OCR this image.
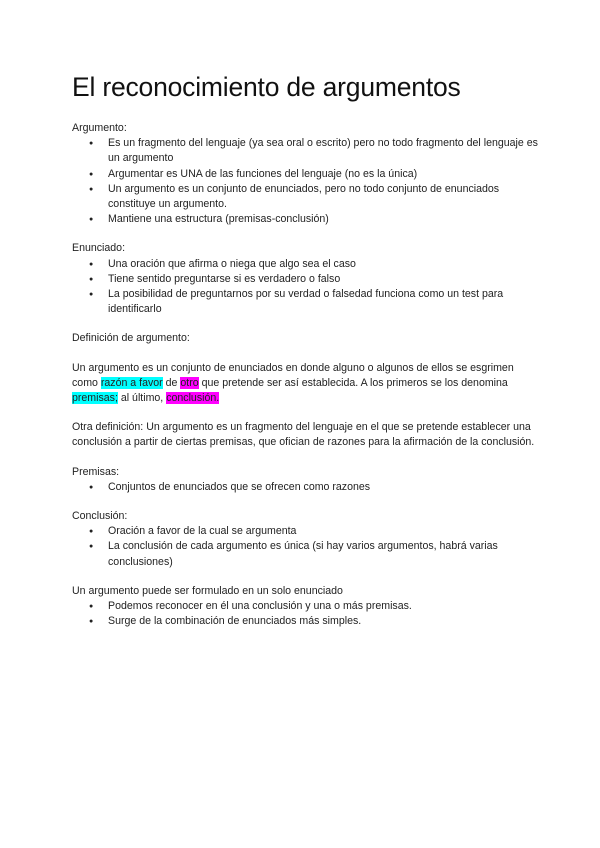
El reconocimiento de argumentos

Argumento:

● Es un fragmento del lenguaje (ya sea oral o escrito) pero no todo fragmento del lenguaje es un argumento
● Argumentar es UNA de las funciones del lenguaje (no es la única)
● Un argumento es un conjunto de enunciados, pero no todo conjunto de enunciados constituye un argumento.
● Mantiene una estructura (premisas-conclusión)

Enunciado:

● Una oración que afirma o niega que algo sea el caso
● Tiene sentido preguntarse si es verdadero o falso
● La posibilidad de preguntarnos por su verdad o falsedad funciona como un test para identificarlo

Definición de argumento:

Un argumento es un conjunto de enunciados en donde alguno o algunos de ellos se esgrimen como razón a favor de otro que pretende ser así establecida. A los primeros se los denomina premisas; al último, conclusión.

Otra definición: Un argumento es un fragmento del lenguaje en el que se pretende establecer una conclusión a partir de ciertas premisas, que ofician de razones para la afirmación de la conclusión.

Premisas:

● Conjuntos de enunciados que se ofrecen como razones

Conclusión:

● Oración a favor de la cual se argumenta
● La conclusión de cada argumento es única (si hay varios argumentos, habrá varias conclusiones)

Un argumento puede ser formulado en un solo enunciado

● Podemos reconocer en él una conclusión y una o más premisas.
● Surge de la combinación de enunciados más simples.
